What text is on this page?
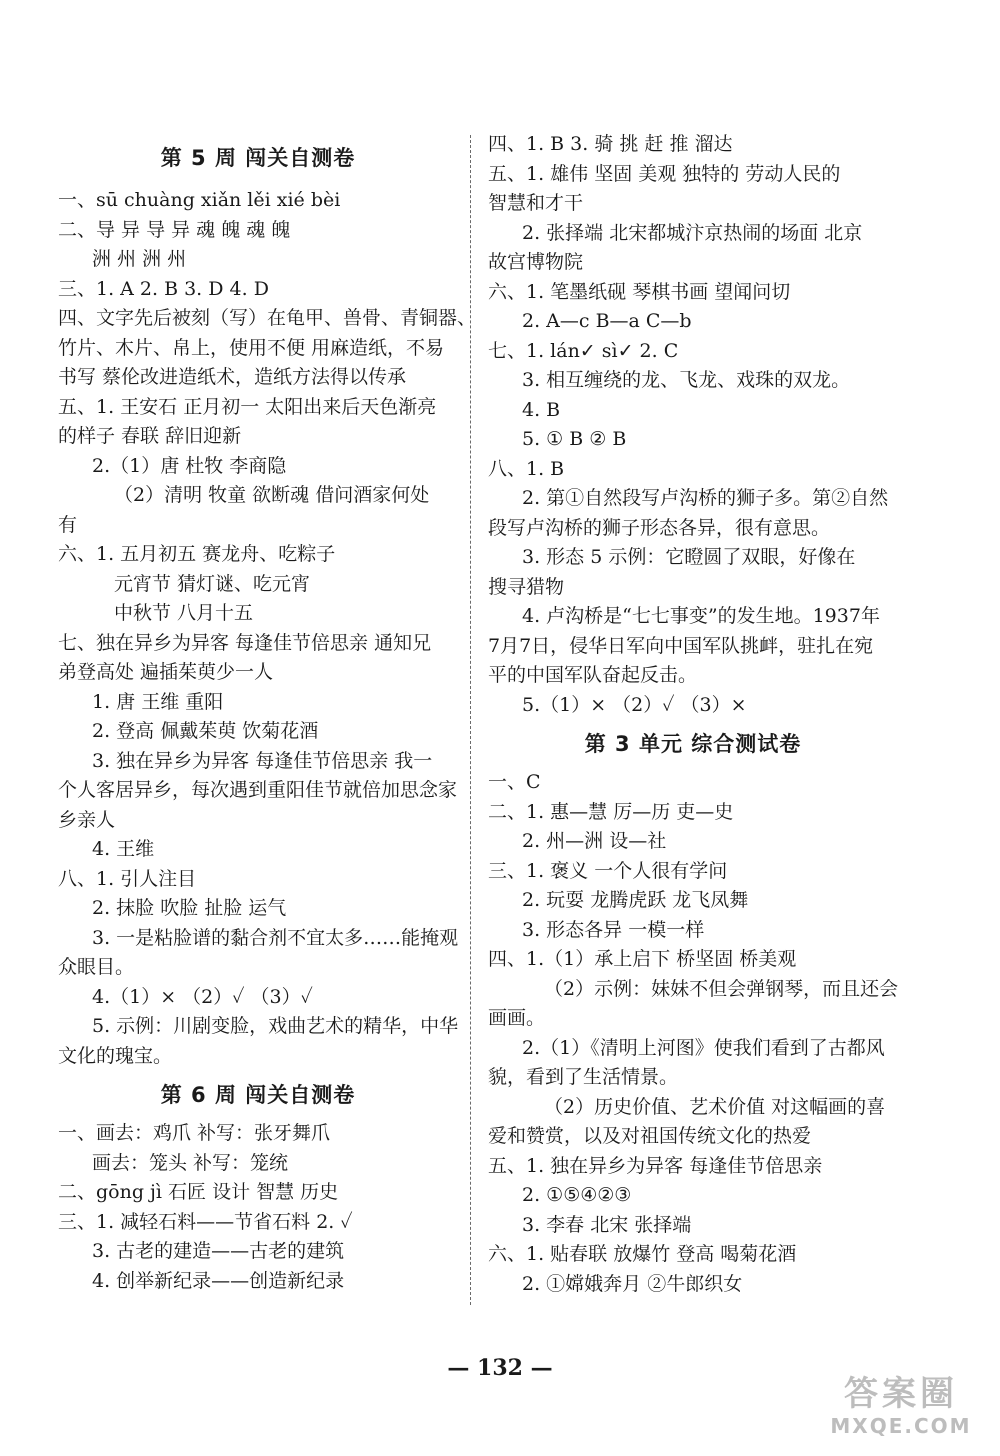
第 5 周 闯关自测卷
一、sū chuàng xiǎn lěi xié bèi
二、导 异 导 异 魂 魄 魂 魄
洲 州 洲 州
三、1. A 2. B 3. D 4. D
四、文字先后被刻（写）在龟甲、兽骨、青铜器、
竹片、木片、帛上，使用不便 用麻造纸，不易
书写 蔡伦改进造纸术，造纸方法得以传承
五、1. 王安石 正月初一 太阳出来后天色渐亮
的样子 春联 辞旧迎新
2.（1）唐 杜牧 李商隐
（2）清明 牧童 欲断魂 借问酒家何处
有
六、1. 五月初五 赛龙舟、吃粽子
元宵节 猜灯谜、吃元宵
中秋节 八月十五
七、独在异乡为异客 每逢佳节倍思亲 通知兄
弟登高处 遍插茱萸少一人
1. 唐 王维 重阳
2. 登高 佩戴茱萸 饮菊花酒
3. 独在异乡为异客 每逢佳节倍思亲 我一
个人客居异乡，每次遇到重阳佳节就倍加思念家
乡亲人
4. 王维
八、1. 引人注目
2. 抹脸 吹脸 扯脸 运气
3. 一是粘脸谱的黏合剂不宜太多……能掩观
众眼目。
4.（1）× （2）✓ （3）✓
5. 示例：川剧变脸，戏曲艺术的精华，中华
文化的瑰宝。
第 6 周 闯关自测卷
一、画去：鸡爪 补写：张牙舞爪
画去：笼头 补写：笼统
二、gōng jì 石匠 设计 智慧 历史
三、1. 减轻石料——节省石料 2. ✓
3. 古老的建造——古老的建筑
4. 创举新纪录——创造新纪录
四、1. B 3. 骑 挑 赶 推 溜达
五、1. 雄伟 坚固 美观 独特的 劳动人民的
智慧和才干
2. 张择端 北宋都城汴京热闹的场面 北京
故宫博物院
六、1. 笔墨纸砚 琴棋书画 望闻问切
2. A—c B—a C—b
七、1. lán✓ sì✓ 2. C
3. 相互缠绕的龙、飞龙、戏珠的双龙。
4. B
5. ① B ② B
八、1. B
2. 第①自然段写卢沟桥的狮子多。第②自然
段写卢沟桥的狮子形态各异，很有意思。
3. 形态 5 示例：它瞪圆了双眼，好像在
搜寻猎物
4. 卢沟桥是“七七事变”的发生地。1937年
7月7日，侵华日军向中国军队挑衅，驻扎在宛
平的中国军队奋起反击。
5.（1）× （2）✓ （3）×
第 3 单元 综合测试卷
一、C
二、1. 惠—慧 厉—历 吏—史
2. 州—洲 设—社
三、1. 褒义 一个人很有学问
2. 玩耍 龙腾虎跃 龙飞凤舞
3. 形态各异 一模一样
四、1.（1）承上启下 桥坚固 桥美观
（2）示例：妹妹不但会弹钢琴，而且还会
画画。
2.（1）《清明上河图》使我们看到了古都风
貌，看到了生活情景。
（2）历史价值、艺术价值 对这幅画的喜
爱和赞赏，以及对祖国传统文化的热爱
五、1. 独在异乡为异客 每逢佳节倍思亲
2. ①⑤④②③
3. 李春 北宋 张择端
六、1. 贴春联 放爆竹 登高 喝菊花酒
2. ①嫦娥奔月 ②牛郎织女
— 132 —
答案圈
MXQE.COM
